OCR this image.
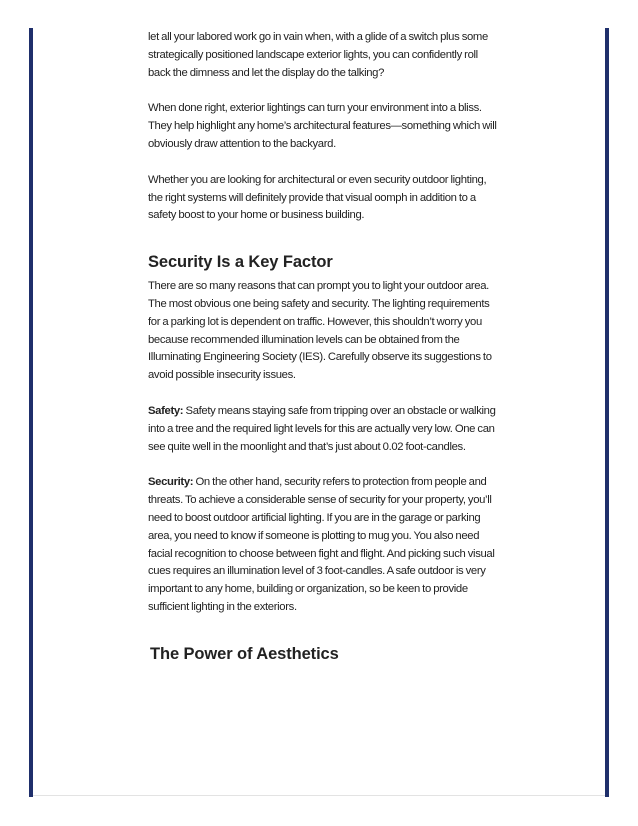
let all your labored work go in vain when, with a glide of a switch plus some strategically positioned landscape exterior lights, you can confidently roll back the dimness and let the display do the talking?

When done right, exterior lightings can turn your environment into a bliss. They help highlight any home’s architectural features—something which will obviously draw attention to the backyard.

Whether you are looking for architectural or even security outdoor lighting, the right systems will definitely provide that visual oomph in addition to a safety boost to your home or business building.

Security Is a Key Factor

There are so many reasons that can prompt you to light your outdoor area. The most obvious one being safety and security. The lighting requirements for a parking lot is dependent on traffic. However, this shouldn’t worry you because recommended illumination levels can be obtained from the Illuminating Engineering Society (IES). Carefully observe its suggestions to avoid possible insecurity issues.

Safety: Safety means staying safe from tripping over an obstacle or walking into a tree and the required light levels for this are actually very low. One can see quite well in the moonlight and that’s just about 0.02 foot-candles.

Security: On the other hand, security refers to protection from people and threats. To achieve a considerable sense of security for your property, you’ll need to boost outdoor artificial lighting. If you are in the garage or parking area, you need to know if someone is plotting to mug you. You also need facial recognition to choose between fight and flight. And picking such visual cues requires an illumination level of 3 foot-candles. A safe outdoor is very important to any home, building or organization, so be keen to provide sufficient lighting in the exteriors.

The Power of Aesthetics
